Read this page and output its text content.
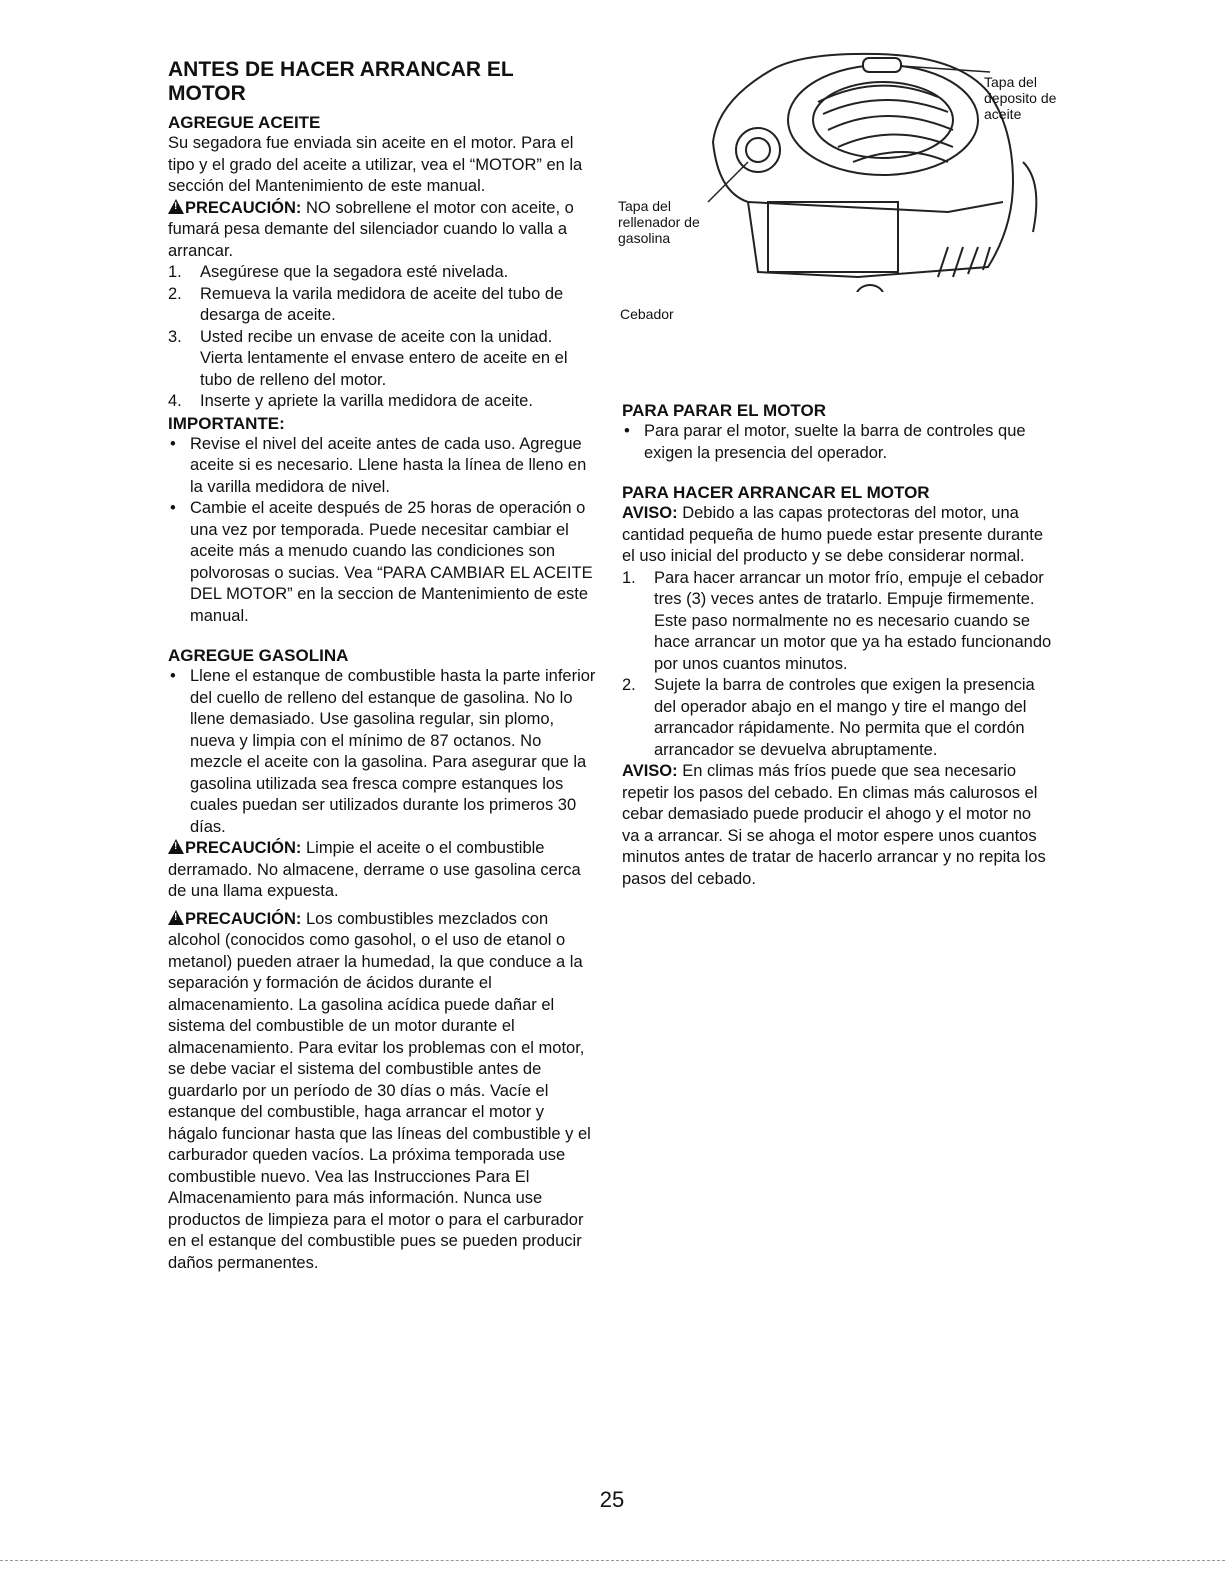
ANTES DE HACER ARRANCAR EL
MOTOR
AGREGUE ACEITE

Su segadora fue enviada sin aceite en el motor. Para el tipo y el grado del aceite a utilizar, vea el “MOTOR” en la sección del Mantenimiento de este manual.

!PRECAUCIÓN: NO sobrellene el motor con aceite, o fumará pesa demante del silenciador cuando lo valla a arrancar.

1.	Asegúrese que la segadora esté nivelada.
2.	Remueva la varila medidora de aceite del tubo de desarga de aceite.
3.	Usted recibe un envase de aceite con la unidad. Vierta lentamente el envase entero de aceite en el tubo de relleno del motor.
4.	Inserte y apriete la varilla medidora de aceite.
IMPORTANTE:
• Revise el nivel del aceite antes de cada uso. Agregue aceite si es necesario. Llene hasta la línea de lleno en la varilla medidora de nivel.
• Cambie el aceite después de 25 horas de operación o una vez por temporada. Puede necesitar cambiar el aceite más a menudo cuando las condiciones son polvorosas o sucias. Vea “PARA CAMBIAR EL ACEITE DEL MOTOR” en la seccion de Mantenimiento de este manual.
AGREGUE GASOLINA
• Llene el estanque de combustible hasta la parte inferior del cuello de relleno del estanque de gasolina. No lo llene demasiado. Use gasolina regular, sin plomo, nueva y limpia con el mínimo de 87 octanos. No mezcle el aceite con la gasolina. Para asegurar que la gasolina utilizada sea fresca compre estanques los cuales puedan ser utilizados durante los primeros 30 días.

!PRECAUCIÓN: Limpie el aceite o el combustible derramado. No almacene, derrame o use gasolina cerca de una llama expuesta.

!PRECAUCIÓN: Los combustibles mezclados con alcohol (conocidos como gasohol, o el uso de etanol o metanol) pueden atraer la humedad, la que conduce a la separación y formación de ácidos durante el almacenamiento. La gasolina acídica puede dañar el sistema del combustible de un motor durante el almacenamiento. Para evitar los problemas con el motor, se debe vaciar el sistema del combustible antes de guardarlo por un período de 30 días o más. Vacíe el estanque del combustible, haga arrancar el motor y hágalo funcionar hasta que las líneas del combustible y el carburador queden vacíos. La próxima temporada use combustible nuevo. Vea las Instrucciones Para El Almacenamiento para más información. Nunca use productos de limpieza para el motor o para el carburador en el estanque del combustible pues se pueden producir daños permanentes.

Tapa del deposito de aceite
Tapa del rellenador de gasolina
Cebador
PARA PARAR EL MOTOR
• Para parar el motor, suelte la barra de controles que exigen la presencia del operador.
PARA HACER ARRANCAR EL MOTOR

AVISO: Debido a las capas protectoras del motor, una cantidad pequeña de humo puede estar presente durante el uso inicial del producto y se debe considerar normal.

1.	Para hacer arrancar un motor frío, empuje el cebador tres (3) veces antes de tratarlo. Empuje firmemente. Este paso normalmente no es necesario cuando se hace arrancar un motor que ya ha estado funcionando por unos cuantos minutos.
2.	Sujete la barra de controles que exigen la presencia del operador abajo en el mango y tire el mango del arrancador rápidamente. No permita que el cordón arrancador se devuelva abruptamente.

AVISO: En climas más fríos puede que sea necesario repetir los pasos del cebado. En climas más calurosos el cebar demasiado puede producir el ahogo y el motor no va a arrancar. Si se ahoga el motor espere unos cuantos minutos antes de tratar de hacerlo arrancar y no repita los pasos del cebado.

25
